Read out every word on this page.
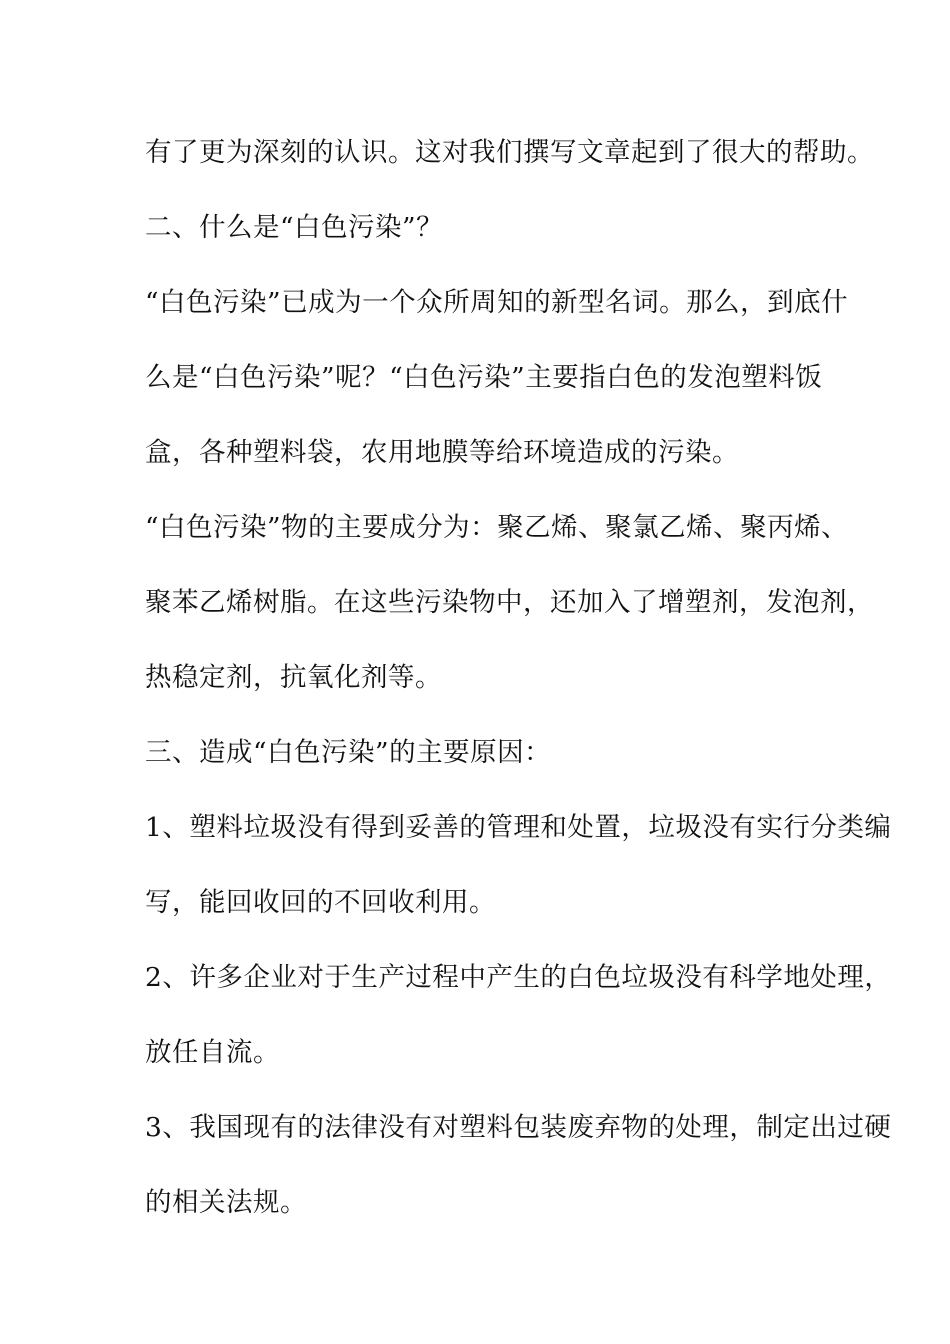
有了更为深刻的认识。这对我们撰写文章起到了很大的帮助。
二、什么是“白色污染”？
“白色污染”已成为一个众所周知的新型名词。那么，到底什
么是“白色污染”呢？“白色污染”主要指白色的发泡塑料饭
盒，各种塑料袋，农用地膜等给环境造成的污染。
“白色污染”物的主要成分为：聚乙烯、聚氯乙烯、聚丙烯、
聚苯乙烯树脂。在这些污染物中，还加入了增塑剂，发泡剂，
热稳定剂，抗氧化剂等。
三、造成“白色污染”的主要原因：
1、塑料垃圾没有得到妥善的管理和处置，垃圾没有实行分类编
写，能回收回的不回收利用。
2、许多企业对于生产过程中产生的白色垃圾没有科学地处理，
放任自流。
3、我国现有的法律没有对塑料包装废弃物的处理，制定出过硬
的相关法规。
